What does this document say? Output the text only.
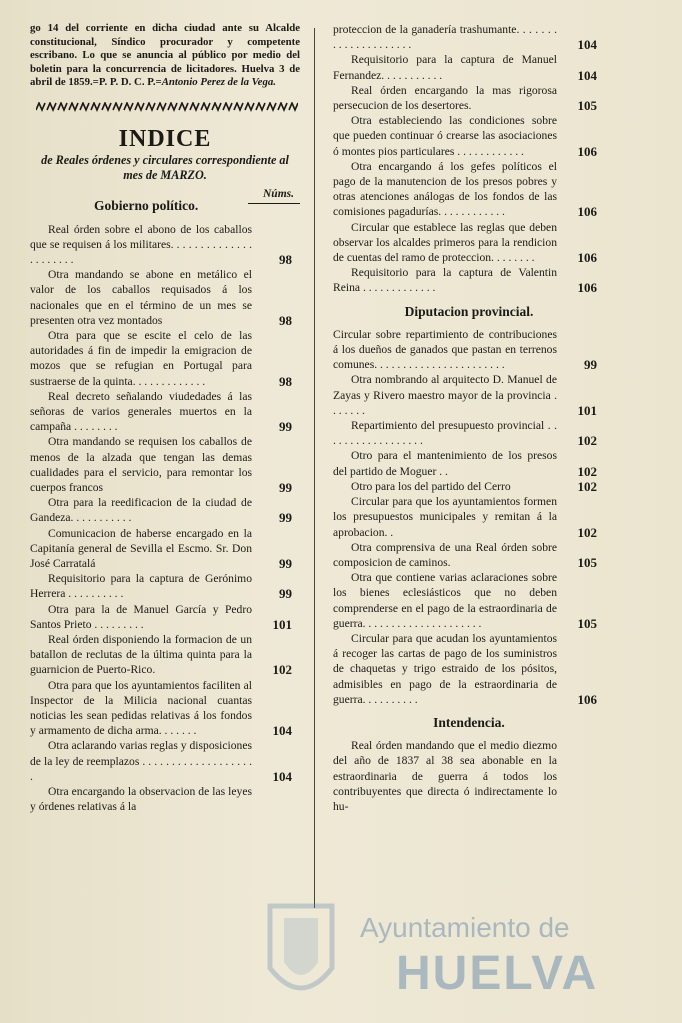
go 14 del corriente en dicha ciudad ante su Alcalde constitucional, Síndico procurador y competente escribano. Lo que se anuncia al público por medio del boletin para la concurrencia de licitadores. Huelva 3 de abril de 1859.=P. P. D. C. P.=Antonio Perez de la Vega.

INDICE
de Reales órdenes y circulares correspondiente al mes de MARZO.
Núms.
Gobierno político.

Real órden sobre el abono de los caballos que se requisen á los militares. . . . . . . . . . . . . . . . . . . . . .	98

Otra mandando se abone en metálico el valor de los caballos requisados á los nacionales que en el término de un mes se presenten otra vez montados	98

Otra para que se escite el celo de las autoridades á fin de impedir la emigracion de mozos que se refugian en Portugal para sustraerse de la quinta. . . . . . . . . . . . .	98

Real decreto señalando viudedades á las señoras de varios generales muertos en la campaña . . . . . . . .	99

Otra mandando se requisen los caballos de menos de la alzada que tengan las demas cualidades para el servicio, para remontar los cuerpos francos	99

Otra para la reedificacion de la ciudad de Gandeza. . . . . . . . . . .	99

Comunicacion de haberse encargado en la Capitanía general de Sevilla el Escmo. Sr. Don José Carratalá	99

Requisitorio para la captura de Gerónimo Herrera . . . . . . . . . .	99

Otra para la de Manuel García y Pedro Santos Prieto . . . . . . . . .	101

Real órden disponiendo la formacion de un batallon de reclutas de la última quinta para la guarnicion de Puerto-Rico.	102

Otra para que los ayuntamientos faciliten al Inspector de la Milicia nacional cuantas noticias les sean pedidas relativas á los fondos y armamento de dicha arma. . . . . . .	104

Otra aclarando varias reglas y disposiciones de la ley de reemplazos . . . . . . . . . . . . . . . . . . . .	104

Otra encargando la observacion de las leyes y órdenes relativas á la

proteccion de la ganadería trashumante. . . . . . . . . . . . . . . . . . . . .	104

Requisitorio para la captura de Manuel Fernandez. . . . . . . . . . .	104

Real órden encargando la mas rigorosa persecucion de los desertores.	105

Otra estableciendo las condiciones sobre que pueden continuar ó crearse las asociaciones ó montes pios particulares . . . . . . . . . . . .	106

Otra encargando á los gefes políticos el pago de la manutencion de los presos pobres y otras atenciones análogas de los fondos de las comisiones pagadurías. . . . . . . . . . . .	106

Circular que establece las reglas que deben observar los alcaldes primeros para la rendicion de cuentas del ramo de proteccion. . . . . . . .	106

Requisitorio para la captura de Valentin Reina . . . . . . . . . . . . .	106

Diputacion provincial.

Circular sobre repartimiento de contribuciones á los dueños de ganados que pastan en terrenos comunes. . . . . . . . . . . . . . . . . . . . . . .	99

Otra nombrando al arquitecto D. Manuel de Zayas y Rivero maestro mayor de la provincia . . . . . . .	101

Repartimiento del presupuesto provincial . . . . . . . . . . . . . . . . . .	102

Otro para el mantenimiento de los presos del partido de Moguer . .	102

Otro para los del partido del Cerro	102

Circular para que los ayuntamientos formen los presupuestos municipales y remitan á la aprobacion. .	102

Otra comprensiva de una Real órden sobre composicion de caminos.	105

Otra que contiene varias aclaraciones sobre los bienes eclesiásticos que no deben comprenderse en el pago de la estraordinaria de guerra. . . . . . . . . . . . . . . . . . . . .	105

Circular para que acudan los ayuntamientos á recoger las cartas de pago de los suministros de chaquetas y trigo estraido de los pósitos, admisibles en pago de la estraordinaria de guerra. . . . . . . . . .	106

Intendencia.

Real órden mandando que el medio diezmo del año de 1837 al 38 sea abonable en la estraordinaria de guerra á todos los contribuyentes que directa ó indirectamente lo hu-

Ayuntamiento de
HUELVA
